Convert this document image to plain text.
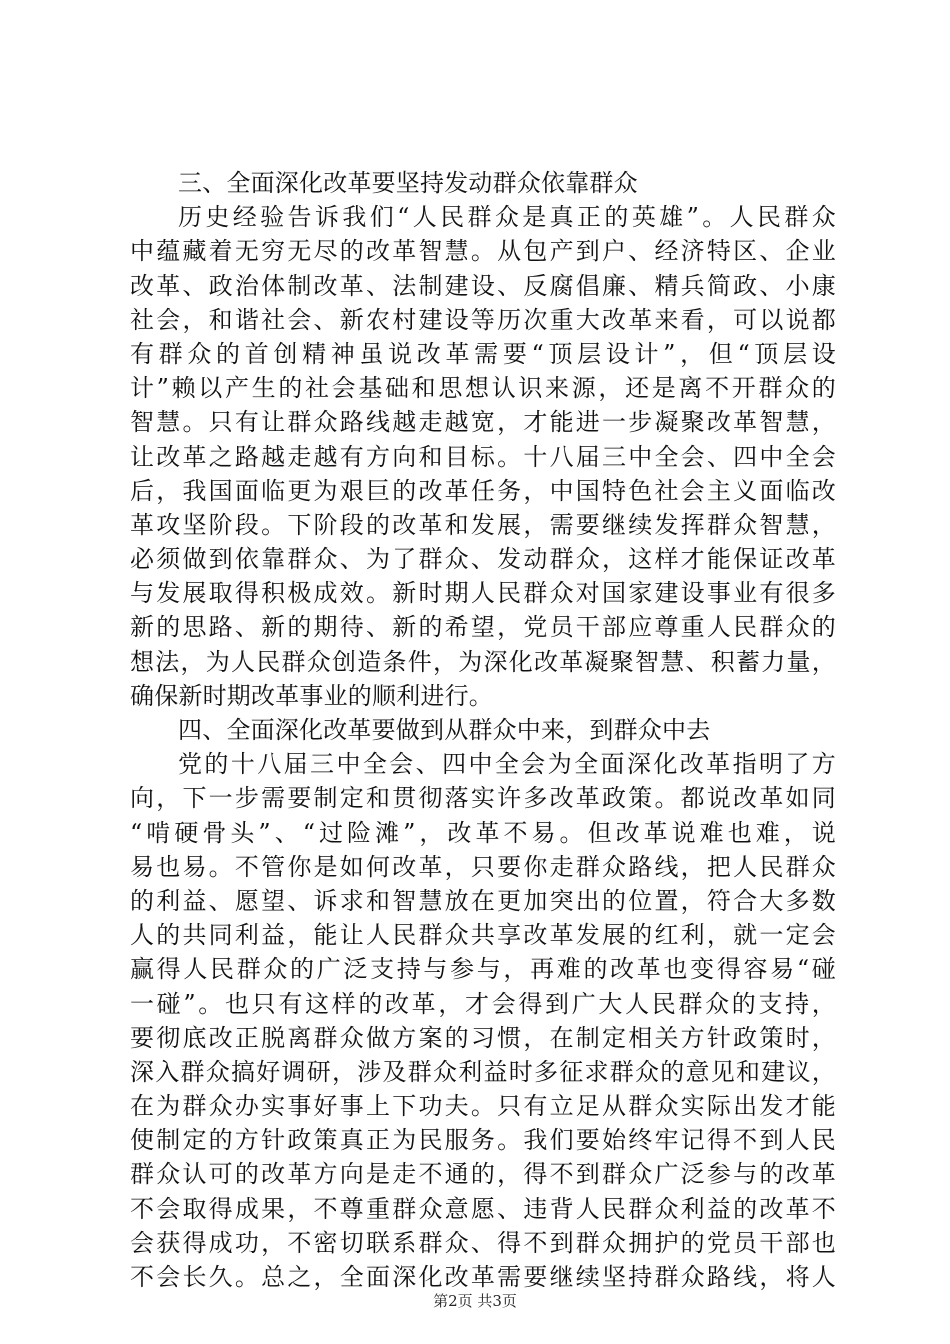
三、全面深化改革要坚持发动群众依靠群众
历史经验告诉我们“人民群众是真正的英雄”。人民群众
中蕴藏着无穷无尽的改革智慧。从包产到户、经济特区、企业
改革、政治体制改革、法制建设、反腐倡廉、精兵简政、小康
社会，和谐社会、新农村建设等历次重大改革来看，可以说都
有群众的首创精神虽说改革需要“顶层设计”，但“顶层设
计”赖以产生的社会基础和思想认识来源，还是离不开群众的
智慧。只有让群众路线越走越宽，才能进一步凝聚改革智慧，
让改革之路越走越有方向和目标。十八届三中全会、四中全会
后，我国面临更为艰巨的改革任务，中国特色社会主义面临改
革攻坚阶段。下阶段的改革和发展，需要继续发挥群众智慧，
必须做到依靠群众、为了群众、发动群众，这样才能保证改革
与发展取得积极成效。新时期人民群众对国家建设事业有很多
新的思路、新的期待、新的希望，党员干部应尊重人民群众的
想法，为人民群众创造条件，为深化改革凝聚智慧、积蓄力量，
确保新时期改革事业的顺利进行。
四、全面深化改革要做到从群众中来，到群众中去
党的十八届三中全会、四中全会为全面深化改革指明了方
向，下一步需要制定和贯彻落实许多改革政策。都说改革如同
“啃硬骨头”、“过险滩”，改革不易。但改革说难也难，说
易也易。不管你是如何改革，只要你走群众路线，把人民群众
的利益、愿望、诉求和智慧放在更加突出的位置，符合大多数
人的共同利益，能让人民群众共享改革发展的红利，就一定会
赢得人民群众的广泛支持与参与，再难的改革也变得容易“碰
一碰”。也只有这样的改革，才会得到广大人民群众的支持，
要彻底改正脱离群众做方案的习惯，在制定相关方针政策时，
深入群众搞好调研，涉及群众利益时多征求群众的意见和建议，
在为群众办实事好事上下功夫。只有立足从群众实际出发才能
使制定的方针政策真正为民服务。我们要始终牢记得不到人民
群众认可的改革方向是走不通的，得不到群众广泛参与的改革
不会取得成果，不尊重群众意愿、违背人民群众利益的改革不
会获得成功，不密切联系群众、得不到群众拥护的党员干部也
不会长久。总之，全面深化改革需要继续坚持群众路线，将人
第2页 共3页
